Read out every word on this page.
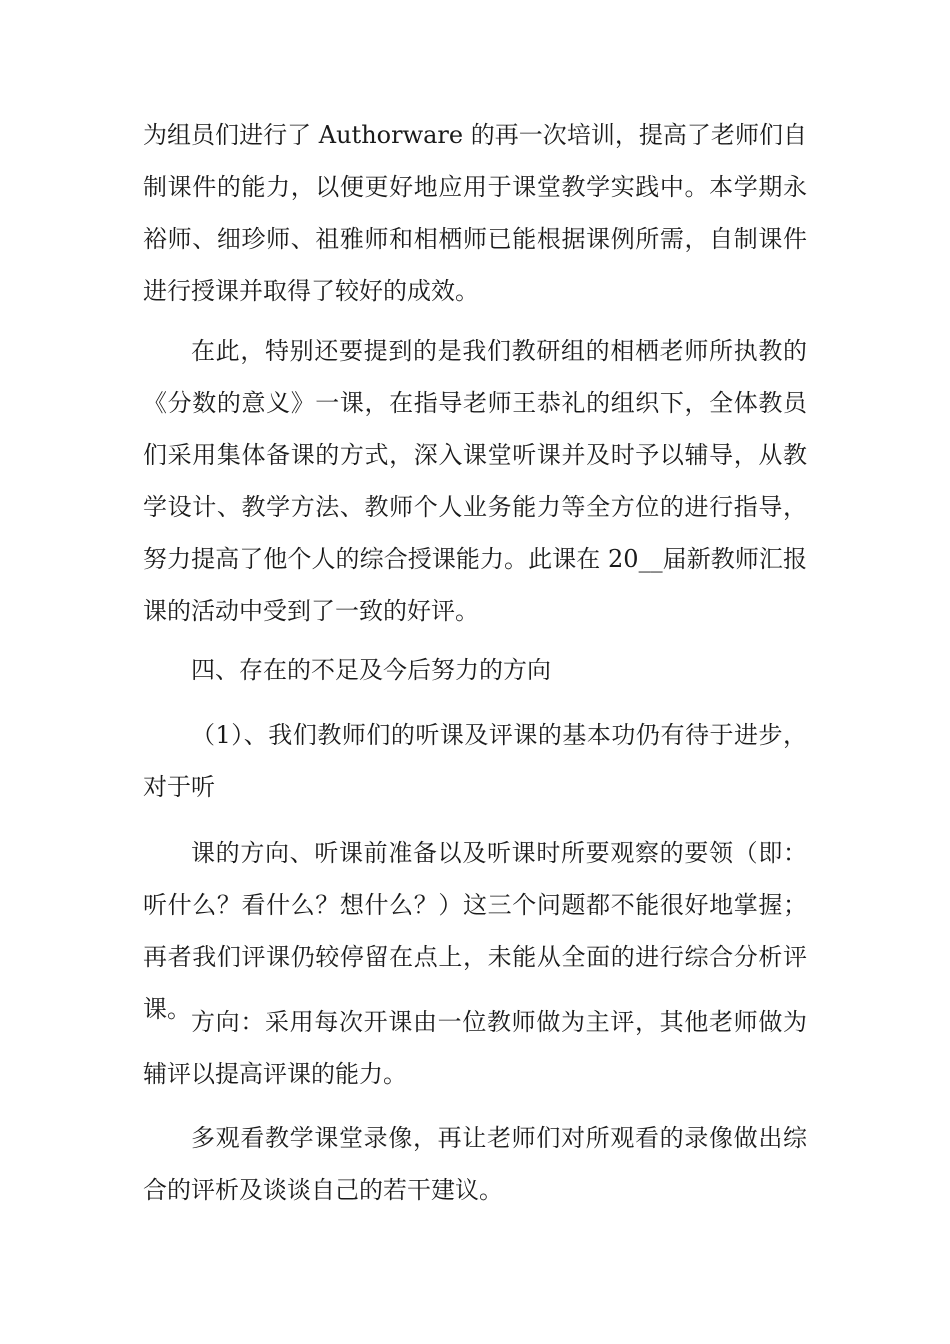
为组员们进行了 Authorware 的再一次培训，提高了老师们自制课件的能力，以便更好地应用于课堂教学实践中。本学期永裕师、细珍师、祖雅师和相栖师已能根据课例所需，自制课件进行授课并取得了较好的成效。

在此，特别还要提到的是我们教研组的相栖老师所执教的《分数的意义》一课，在指导老师王恭礼的组织下，全体教员们采用集体备课的方式，深入课堂听课并及时予以辅导，从教学设计、教学方法、教师个人业务能力等全方位的进行指导，努力提高了他个人的综合授课能力。此课在 20__届新教师汇报课的活动中受到了一致的好评。

四、存在的不足及今后努力的方向

（1）、我们教师们的听课及评课的基本功仍有待于进步，对于听

课的方向、听课前准备以及听课时所要观察的要领（即：听什么？看什么？想什么？）这三个问题都不能很好地掌握；再者我们评课仍较停留在点上，未能从全面的进行综合分析评课。 方向：采用每次开课由一位教师做为主评，其他老师做为辅评以提高评课的能力。

多观看教学课堂录像，再让老师们对所观看的录像做出综合的评析及谈谈自己的若干建议。
